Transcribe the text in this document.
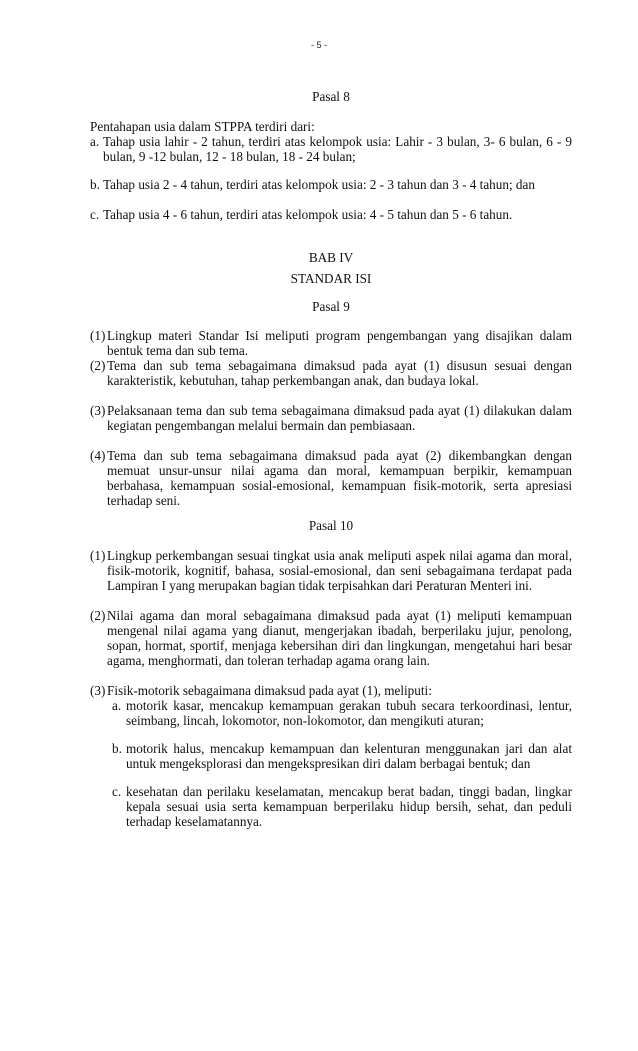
- 5 -
Pasal 8
Pentahapan usia dalam STPPA terdiri dari:
a. Tahap usia lahir - 2 tahun, terdiri atas kelompok usia: Lahir - 3 bulan, 3- 6 bulan, 6 - 9 bulan, 9 -12 bulan, 12 - 18 bulan, 18 - 24 bulan;
b. Tahap usia 2 - 4 tahun, terdiri atas kelompok usia: 2 - 3 tahun dan 3 - 4 tahun; dan
c. Tahap usia 4 - 6 tahun, terdiri atas kelompok usia: 4 - 5 tahun dan 5 - 6 tahun.
BAB IV
STANDAR ISI
Pasal 9
(1) Lingkup materi Standar Isi meliputi program pengembangan yang disajikan dalam bentuk tema dan sub tema.
(2) Tema dan sub tema sebagaimana dimaksud pada ayat (1) disusun sesuai dengan karakteristik, kebutuhan, tahap perkembangan anak, dan budaya lokal.
(3) Pelaksanaan tema dan sub tema sebagaimana dimaksud pada ayat (1) dilakukan dalam kegiatan pengembangan melalui bermain dan pembiasaan.
(4) Tema dan sub tema sebagaimana dimaksud pada ayat (2) dikembangkan dengan memuat unsur-unsur nilai agama dan moral, kemampuan berpikir, kemampuan berbahasa, kemampuan sosial-emosional, kemampuan fisik-motorik, serta apresiasi terhadap seni.
Pasal 10
(1) Lingkup perkembangan sesuai tingkat usia anak meliputi aspek nilai agama dan moral, fisik-motorik, kognitif, bahasa, sosial-emosional, dan seni sebagaimana terdapat pada Lampiran I yang merupakan bagian tidak terpisahkan dari Peraturan Menteri ini.
(2) Nilai agama dan moral sebagaimana dimaksud pada ayat (1) meliputi kemampuan mengenal nilai agama yang dianut, mengerjakan ibadah, berperilaku jujur, penolong, sopan, hormat, sportif, menjaga kebersihan diri dan lingkungan, mengetahui hari besar agama, menghormati, dan toleran terhadap agama orang lain.
(3) Fisik-motorik sebagaimana dimaksud pada ayat (1), meliputi:
a. motorik kasar, mencakup kemampuan gerakan tubuh secara terkoordinasi, lentur, seimbang, lincah, lokomotor, non-lokomotor, dan mengikuti aturan;
b. motorik halus, mencakup kemampuan dan kelenturan menggunakan jari dan alat untuk mengeksplorasi dan mengekspresikan diri dalam berbagai bentuk; dan
c. kesehatan dan perilaku keselamatan, mencakup berat badan, tinggi badan, lingkar kepala sesuai usia serta kemampuan berperilaku hidup bersih, sehat, dan peduli terhadap keselamatannya.
